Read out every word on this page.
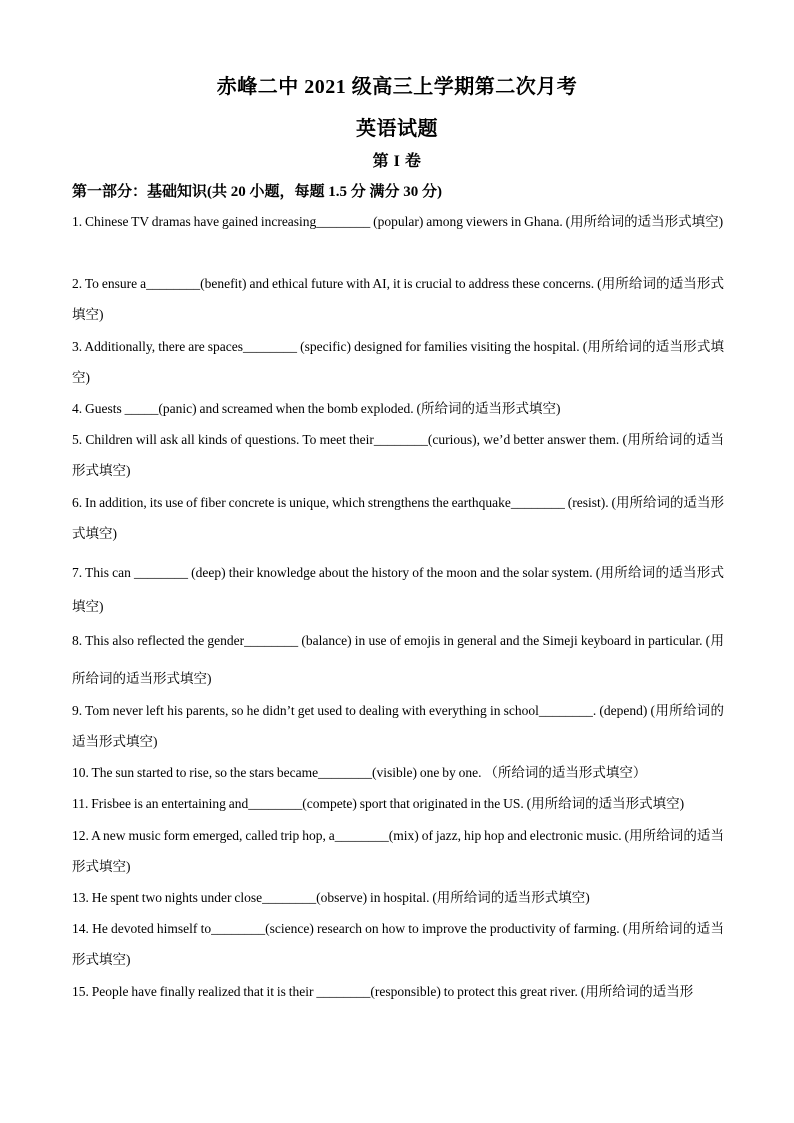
赤峰二中 2021 级高三上学期第二次月考
英语试题
第 I 卷
第一部分：基础知识(共 20 小题，每题 1.5 分 满分 30 分)
1. Chinese TV dramas have gained increasing________ (popular) among viewers in Ghana. (用所给词的适当形式填空)
2. To ensure a________(benefit) and ethical future with AI, it is crucial to address these concerns. (用所给词的适当形式填空)
3. Additionally, there are spaces________ (specific) designed for families visiting the hospital. (用所给词的适当形式填空)
4. Guests _____(panic) and screamed when the bomb exploded. (所给词的适当形式填空)
5. Children will ask all kinds of questions. To meet their________(curious), we’d better answer them. (用所给词的适当形式填空)
6. In addition, its use of fiber concrete is unique, which strengthens the earthquake________ (resist). (用所给词的适当形式填空)
7. This can ________ (deep) their knowledge about the history of the moon and the solar system. (用所给词的适当形式填空)
8. This also reflected the gender________ (balance) in use of emojis in general and the Simeji keyboard in particular. (用所给词的适当形式填空)
9. Tom never left his parents, so he didn’t get used to dealing with everything in school________. (depend) (用所给词的适当形式填空)
10. The sun started to rise, so the stars became________(visible) one by one. （所给词的适当形式填空）
11. Frisbee is an entertaining and________(compete) sport that originated in the US. (用所给词的适当形式填空)
12. A new music form emerged, called trip hop, a________(mix) of jazz, hip hop and electronic music. (用所给词的适当形式填空)
13. He spent two nights under close________(observe) in hospital. (用所给词的适当形式填空)
14. He devoted himself to________(science) research on how to improve the productivity of farming. (用所给词的适当形式填空)
15. People have finally realized that it is their ________(responsible) to protect this great river. (用所给词的适当形
